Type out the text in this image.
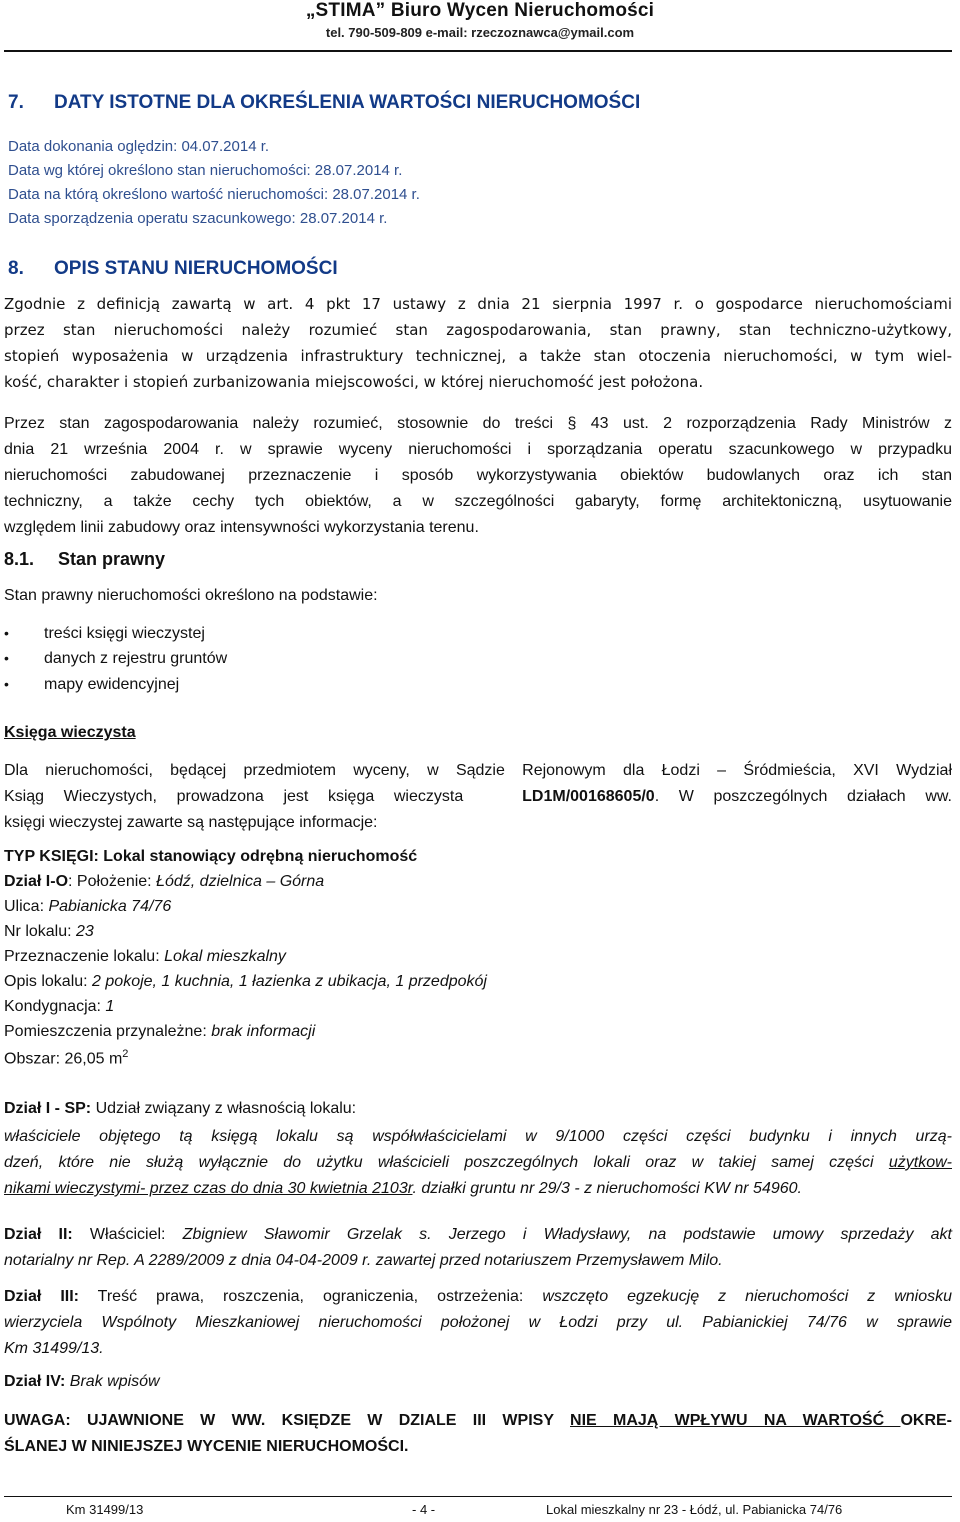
„STIMA” Biuro Wycen Nieruchomości
tel. 790-509-809 e-mail: rzeczoznawca@ymail.com
7. DATY ISTOTNE DLA OKREŚLENIA WARTOŚCI NIERUCHOMOŚCI
Data dokonania oględzin: 04.07.2014 r.
Data wg której określono stan nieruchomości: 28.07.2014 r.
Data na którą określono wartość nieruchomości: 28.07.2014 r.
Data sporządzenia operatu szacunkowego: 28.07.2014 r.
8. OPIS STANU NIERUCHOMOŚCI
Zgodnie z definicją zawartą w art. 4 pkt 17 ustawy z dnia 21 sierpnia 1997 r. o gospodarce nieruchomościami
przez stan nieruchomości należy rozumieć stan zagospodarowania, stan prawny, stan techniczno-użytkowy,
stopień wyposażenia w urządzenia infrastruktury technicznej, a także stan otoczenia nieruchomości, w tym wiel-
kość, charakter i stopień zurbanizowania miejscowości, w której nieruchomość jest położona.
Przez stan zagospodarowania należy rozumieć, stosownie do treści § 43 ust. 2 rozporządzenia Rady Ministrów z
dnia 21 września 2004 r. w sprawie wyceny nieruchomości i sporządzania operatu szacunkowego w przypadku
nieruchomości zabudowanej przeznaczenie i sposób wykorzystywania obiektów budowlanych oraz ich stan
techniczny, a także cechy tych obiektów, a w szczególności gabaryty, formę architektoniczną, usytuowanie
względem linii zabudowy oraz intensywności wykorzystania terenu.
8.1. Stan prawny
Stan prawny nieruchomości określono na podstawie:
• treści księgi wieczystej
• danych z rejestru gruntów
• mapy ewidencyjnej
Księga wieczysta
Dla nieruchomości, będącej przedmiotem wyceny, w Sądzie Rejonowym dla Łodzi – Śródmieścia, XVI Wydział
Ksiąg Wieczystych, prowadzona jest księga wieczysta	LD1M/00168605/0. W poszczególnych działach ww.
księgi wieczystej zawarte są następujące informacje:
TYP KSIĘGI: Lokal stanowiący odrębną nieruchomość
Dział I-O: Położenie: Łódź, dzielnica – Górna
Ulica: Pabianicka 74/76
Nr lokalu: 23
Przeznaczenie lokalu: Lokal mieszkalny
Opis lokalu: 2 pokoje, 1 kuchnia, 1 łazienka z ubikacja, 1 przedpokój
Kondygnacja: 1
Pomieszczenia przynależne: brak informacji
Obszar: 26,05 $m^2$
Dział I - SP: Udział związany z własnością lokalu:
właściciele objętego tą księgą lokalu są współwłaścicielami w 9/1000 części części budynku i innych urzą-
dzeń, które nie służą wyłącznie do użytku właścicieli poszczególnych lokali oraz w takiej samej części użytkow-
nikami wieczystymi- przez czas do dnia 30 kwietnia 2103r. działki gruntu nr 29/3 - z nieruchomości KW nr 54960.
Dział II: Właściciel: Zbigniew Sławomir Grzelak s. Jerzego i Władysławy, na podstawie umowy sprzedaży akt
notarialny nr Rep. A 2289/2009 z dnia 04-04-2009 r. zawartej przed notariuszem Przemysławem Milo.
Dział III: Treść prawa, roszczenia, ograniczenia, ostrzeżenia: wszczęto egzekucję z nieruchomości z wniosku
wierzyciela Wspólnoty Mieszkaniowej nieruchomości położonej w Łodzi przy ul. Pabianickiej 74/76 w sprawie
Km 31499/13.
Dział IV: Brak wpisów
UWAGA: UJAWNIONE W WW. KSIĘDZE W DZIALE III WPISY NIE MAJĄ WPŁYWU NA WARTOŚĆ OKRE-
ŚLANEJ W NINIEJSZEJ WYCENIE NIERUCHOMOŚCI.
Km 31499/13	- 4 -	Lokal mieszkalny nr 23 - Łódź, ul. Pabianicka 74/76
